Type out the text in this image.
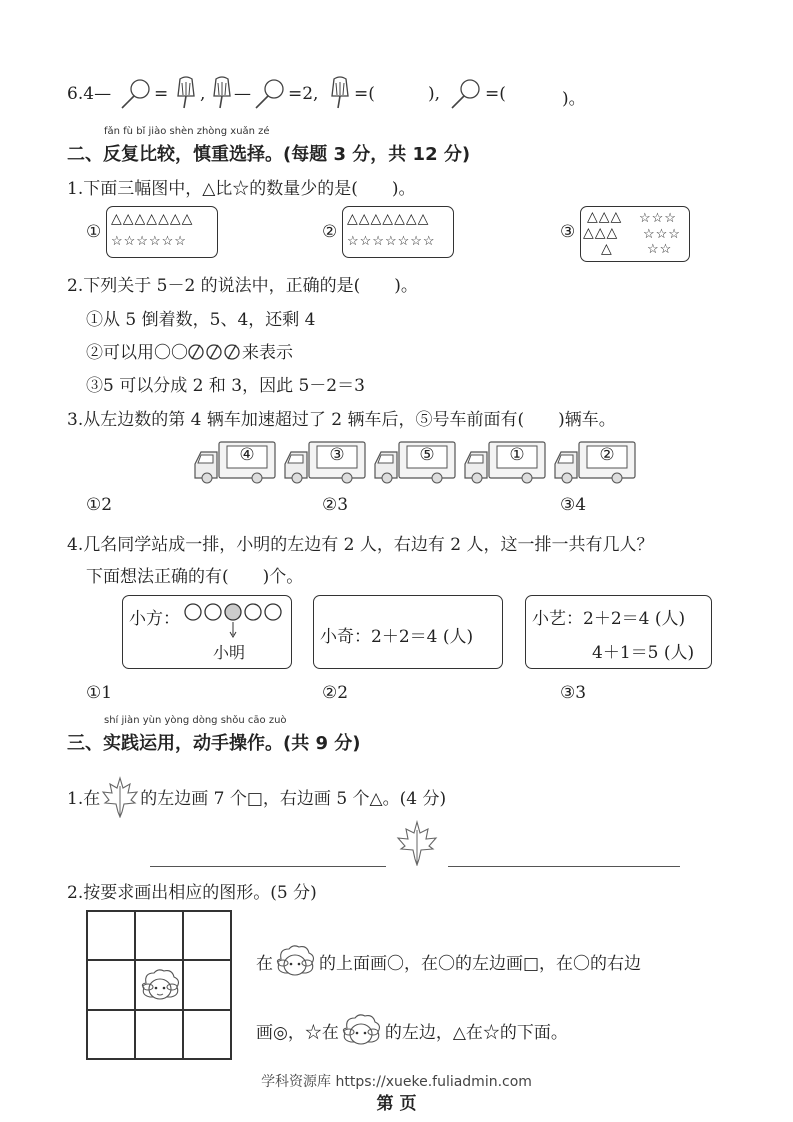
6.4—	= , — =2, =(	),	=(	)。
fǎn fù bǐ jiào shèn zhòng xuǎn zé
二、反复比较，慎重选择。(每题 3 分，共 12 分)
1.下面三幅图中，△比☆的数量少的是(　　)。
①
△△△△△△△
☆☆☆☆☆☆	②
△△△△△△△
☆☆☆☆☆☆☆	③
△△△
△△△
△
☆☆☆
☆☆☆
☆☆
2.下列关于 5－2 的说法中，正确的是(　　)。
①从 5 倒着数，5、4，还剩 4
②可以用〇〇	来表示
③5 可以分成 2 和 3，因此 5－2＝3
3.从左边数的第 4 辆车加速超过了 2 辆车后，⑤号车前面有(　　)辆车。
④	③	⑤	①	②
①2	②3	③4
4.几名同学站成一排，小明的左边有 2 人，右边有 2 人，这一排一共有几人？
下面想法正确的有(　　)个。
小方：
小明
小奇：2＋2＝4 (人)
小艺：2＋2＝4 (人)
4＋1＝5 (人)
①1	②2	③3
shí jiàn yùn yòng dòng shǒu cāo zuò
三、实践运用，动手操作。(共 9 分)
1.在 的左边画 7 个□，右边画 5 个△。(4 分)
2.按要求画出相应的图形。(5 分)
在	的上面画〇，在〇的左边画□，在〇的右边
画◎，☆在	的左边，△在☆的下面。
学科资源库 https://xueke.fuliadmin.com
第 页
